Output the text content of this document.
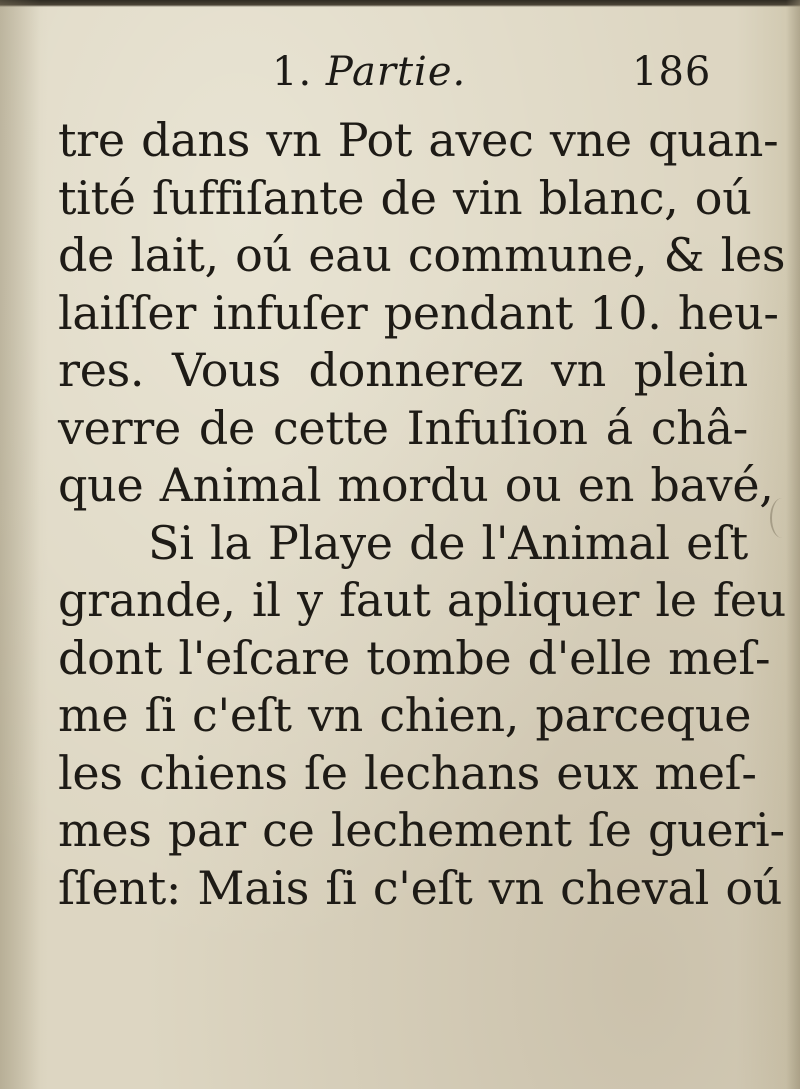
1. Partie.	186
tre dans vn Pot avec vne quan-
tité ſuffiſante de vin blanc, oú
de lait, oú eau commune, & les
laiſſer infuſer pendant 10. heu-
res. Vous donnerez vn plein
verre de cette Infuſion á châ-
que Animal mordu ou en bavé,
Si la Playe de l'Animal eſt
grande, il y faut apliquer le feu
dont l'eſcare tombe d'elle meſ-
me ſi c'eſt vn chien, parceque
les chiens ſe lechans eux meſ-
mes par ce lechement ſe gueri-
ſſent: Mais ſi c'eſt vn cheval oú
